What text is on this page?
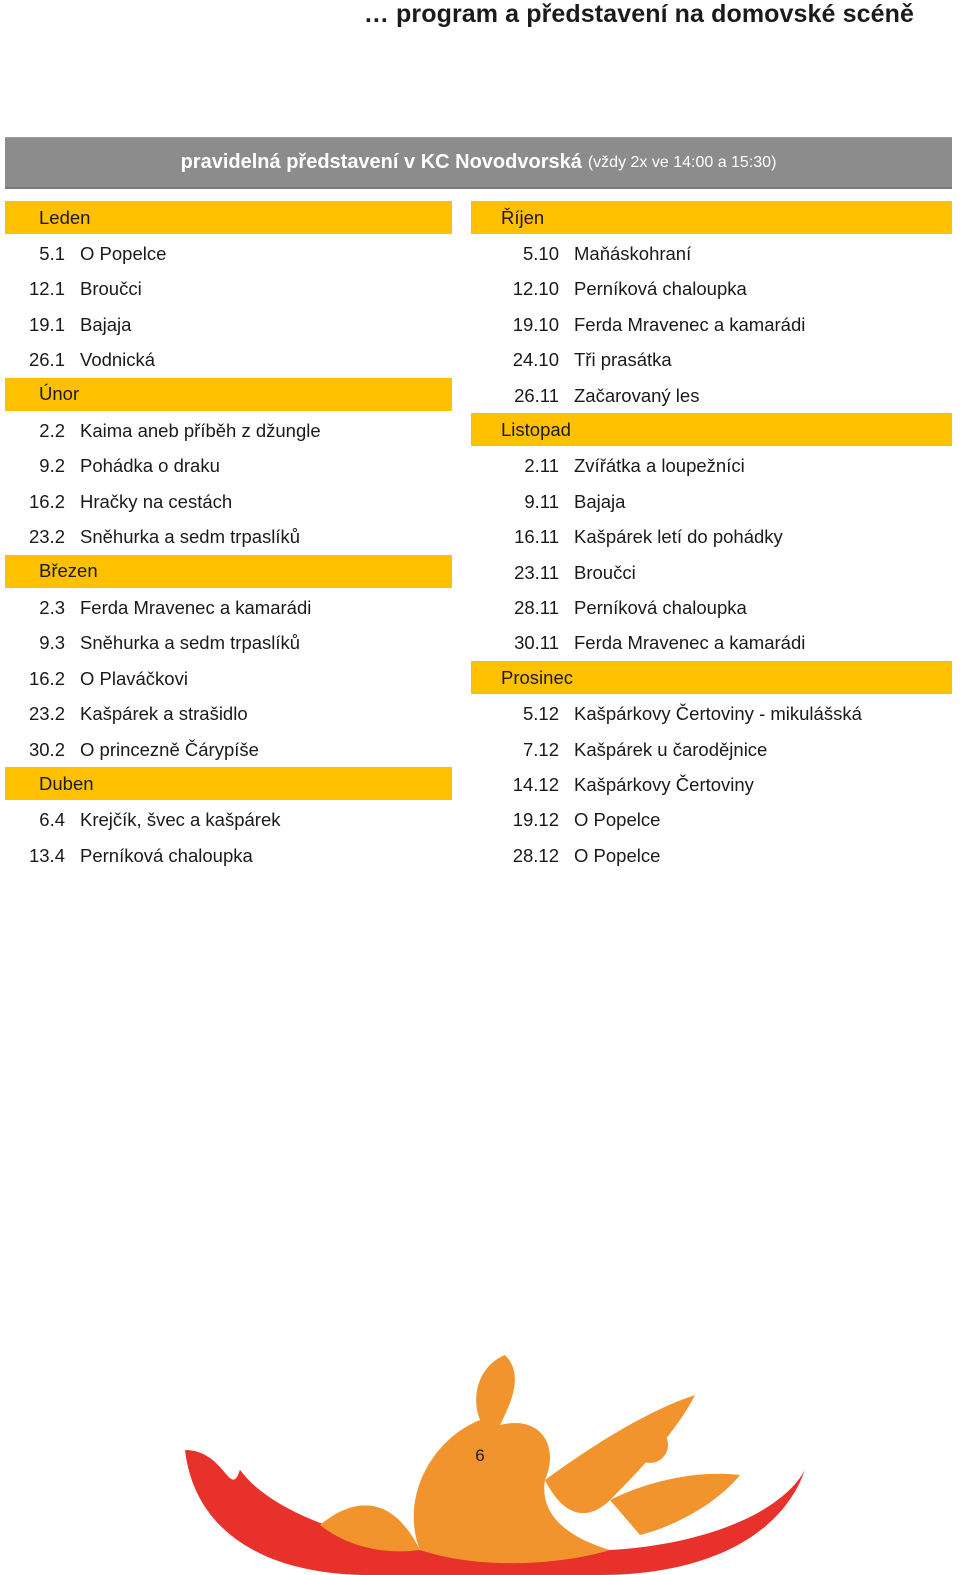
… program a představení na domovské scéně
pravidelná představení v KC Novodvorská (vždy 2x ve 14:00 a 15:30)
Leden
5.1 O Popelce
12.1 Broučci
19.1 Bajaja
26.1 Vodnická
Únor
2.2 Kaima aneb příběh z džungle
9.2 Pohádka o draku
16.2 Hračky na cestách
23.2 Sněhurka a sedm trpaslíků
Březen
2.3 Ferda Mravenec a kamarádi
9.3 Sněhurka a sedm trpaslíků
16.2 O Plaváčkovi
23.2 Kašpárek a strašidlo
30.2 O princezně Čárypíše
Duben
6.4 Krejčík, švec a kašpárek
13.4 Perníková chaloupka
Říjen
5.10 Maňáskohraní
12.10 Perníková chaloupka
19.10 Ferda Mravenec a kamarádi
24.10 Tři prasátka
26.11 Začarovaný les
Listopad
2.11 Zvířátka a loupežníci
9.11 Bajaja
16.11 Kašpárek letí do pohádky
23.11 Broučci
28.11 Perníková chaloupka
30.11 Ferda Mravenec a kamarádi
Prosinec
5.12 Kašpárkovy Čertoviny - mikulášská
7.12 Kašpárek u čarodějnice
14.12 Kašpárkovy Čertoviny
19.12 O Popelce
28.12 O Popelce
6
